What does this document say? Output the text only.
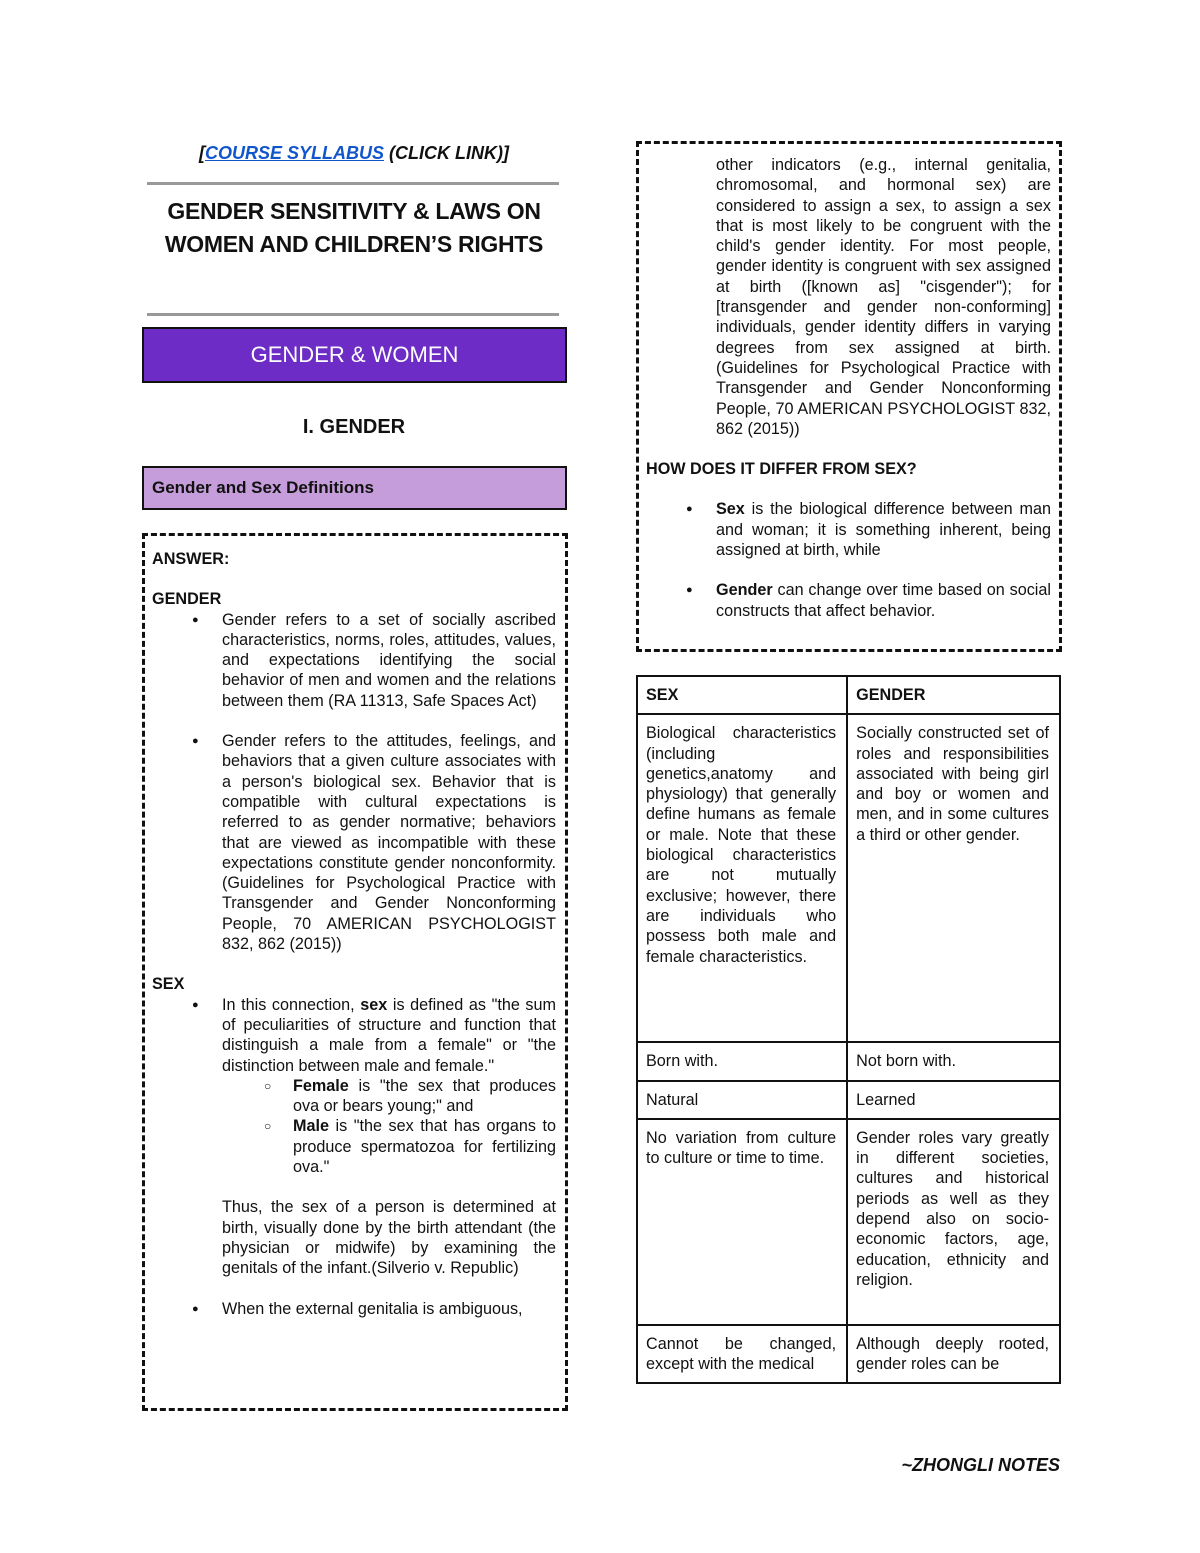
[COURSE SYLLABUS (CLICK LINK)]
GENDER SENSITIVITY & LAWS ON WOMEN AND CHILDREN’S RIGHTS
GENDER & WOMEN
I. GENDER
Gender and Sex Definitions
ANSWER:
GENDER
● Gender refers to a set of socially ascribed characteristics, norms, roles, attitudes, values, and expectations identifying the social behavior of men and women and the relations between them (RA 11313, Safe Spaces Act)
● Gender refers to the attitudes, feelings, and behaviors that a given culture associates with a person's biological sex. Behavior that is compatible with cultural expectations is referred to as gender normative; behaviors that are viewed as incompatible with these expectations constitute gender nonconformity. (Guidelines for Psychological Practice with Transgender and Gender Nonconforming People, 70 AMERICAN PSYCHOLOGIST 832, 862 (2015))
SEX
● In this connection, sex is defined as "the sum of peculiarities of structure and function that distinguish a male from a female" or "the distinction between male and female."
○ Female is "the sex that produces ova or bears young;" and
○ Male is "the sex that has organs to produce spermatozoa for fertilizing ova."
Thus, the sex of a person is determined at birth, visually done by the birth attendant (the physician or midwife) by examining the genitals of the infant.(Silverio v. Republic)
● When the external genitalia is ambiguous,
other indicators (e.g., internal genitalia, chromosomal, and hormonal sex) are considered to assign a sex, to assign a sex that is most likely to be congruent with the child's gender identity. For most people, gender identity is congruent with sex assigned at birth ([known as] "cisgender"); for [transgender and gender non-conforming] individuals, gender identity differs in varying degrees from sex assigned at birth. (Guidelines for Psychological Practice with Transgender and Gender Nonconforming People, 70 AMERICAN PSYCHOLOGIST 832, 862 (2015))
HOW DOES IT DIFFER FROM SEX?
● Sex is the biological difference between man and woman; it is something inherent, being assigned at birth, while
● Gender can change over time based on social constructs that affect behavior.
SEX	GENDER
Biological characteristics (including genetics,anatomy and physiology) that generally define humans as female or male. Note that these biological characteristics are not mutually exclusive; however, there are individuals who possess both male and female characteristics.	Socially constructed set of roles and responsibilities associated with being girl and boy or women and men, and in some cultures a third or other gender.
Born with.	Not born with.
Natural	Learned
No variation from culture to culture or time to time.	Gender roles vary greatly in different societies, cultures and historical periods as well as they depend also on socio-economic factors, age, education, ethnicity and religion.
Cannot be changed, except with the medical	Although deeply rooted, gender roles can be
~ZHONGLI NOTES
